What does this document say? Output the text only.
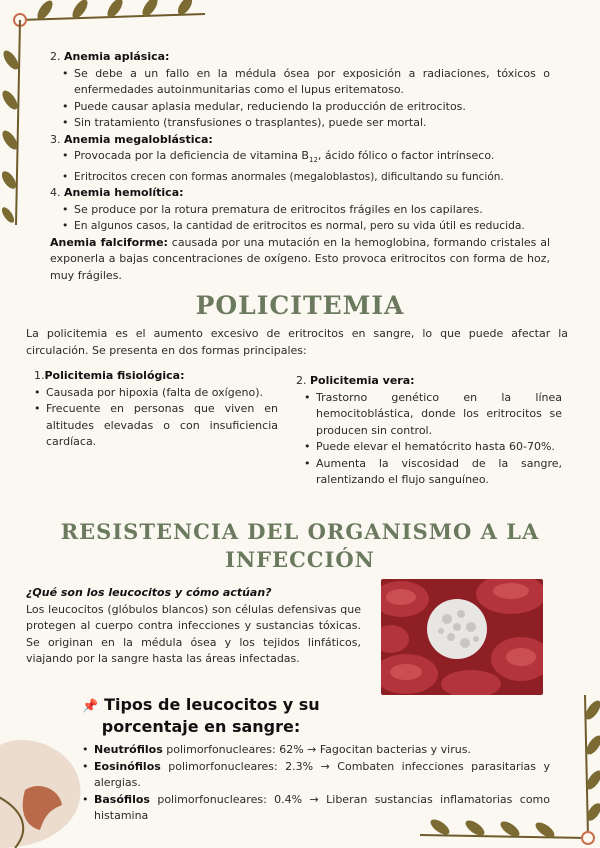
2. Anemia aplásica:
• Se debe a un fallo en la médula ósea por exposición a radiaciones, tóxicos o enfermedades autoinmunitarias como el lupus eritematoso.
• Puede causar aplasia medular, reduciendo la producción de eritrocitos.
• Sin tratamiento (transfusiones o trasplantes), puede ser mortal.
3. Anemia megaloblástica:
• Provocada por la deficiencia de vitamina $B_{12}$, ácido fólico o factor intrínseco.
• Eritrocitos crecen con formas anormales (megaloblastos), dificultando su función.
4. Anemia hemolítica:
• Se produce por la rotura prematura de eritrocitos frágiles en los capilares.
• En algunos casos, la cantidad de eritrocitos es normal, pero su vida útil es reducida.

Anemia falciforme: causada por una mutación en la hemoglobina, formando cristales al exponerla a bajas concentraciones de oxígeno. Esto provoca eritrocitos con forma de hoz, muy frágiles.

POLICITEMIA

La policitemia es el aumento excesivo de eritrocitos en sangre, lo que puede afectar la circulación. Se presenta en dos formas principales:

1.Policitemia fisiológica:
• Causada por hipoxia (falta de oxígeno).
• Frecuente en personas que viven en altitudes elevadas o con insuficiencia cardíaca.
2. Policitemia vera:
• Trastorno genético en la línea hemocitoblástica, donde los eritrocitos se producen sin control.
• Puede elevar el hematócrito hasta 60-70%.
• Aumenta la viscosidad de la sangre, ralentizando el flujo sanguíneo.
RESISTENCIA DEL ORGANISMO A LA
INFECCIÓN
¿Qué son los leucocitos y cómo actúan?

Los leucocitos (glóbulos blancos) son células defensivas que protegen al cuerpo contra infecciones y sustancias tóxicas. Se originan en la médula ósea y los tejidos linfáticos, viajando por la sangre hasta las áreas infectadas.

📌 Tipos de leucocitos y su porcentaje en sangre:
• Neutrófilos polimorfonucleares: 62% → Fagocitan bacterias y virus.
• Eosinófilos polimorfonucleares: 2.3% → Combaten infecciones parasitarias y alergias.
• Basófilos polimorfonucleares: 0.4% → Liberan sustancias inflamatorias como histamina
